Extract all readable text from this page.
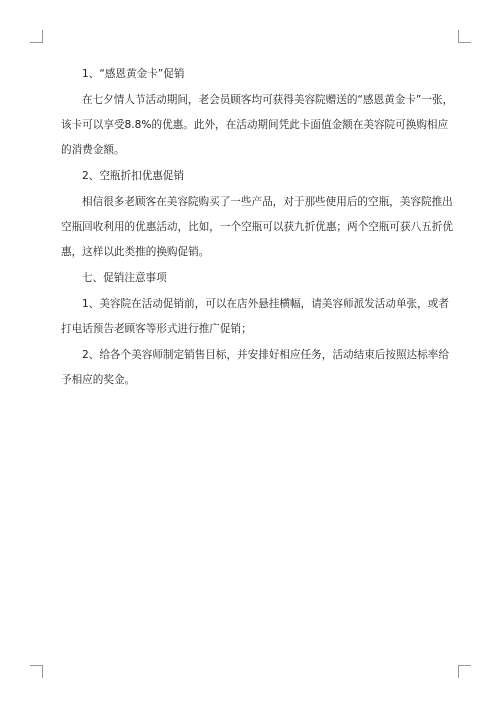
1、“感恩黄金卡”促销

在七夕情人节活动期间，老会员顾客均可获得美容院赠送的“感恩黄金卡”一张，

该卡可以享受8.8%的优惠。此外，在活动期间凭此卡面值金额在美容院可换购相应

的消费金额。

2、空瓶折扣优惠促销

相信很多老顾客在美容院购买了一些产品，对于那些使用后的空瓶，美容院推出

空瓶回收利用的优惠活动，比如，一个空瓶可以获九折优惠；两个空瓶可获八五折优

惠，这样以此类推的换购促销。

七、促销注意事项

1、美容院在活动促销前，可以在店外悬挂横幅，请美容师派发活动单张，或者

打电话预告老顾客等形式进行推广促销；

2、给各个美容师制定销售目标，并安排好相应任务，活动结束后按照达标率给

予相应的奖金。
